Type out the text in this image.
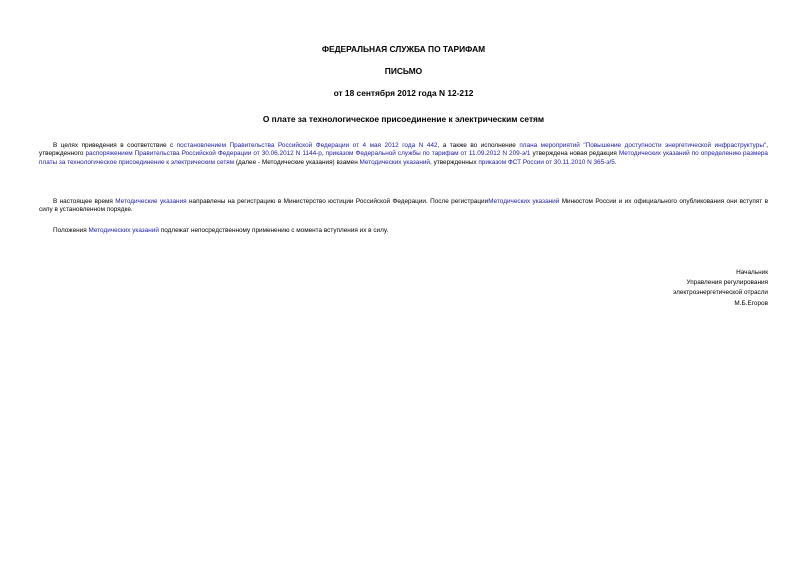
ФЕДЕРАЛЬНАЯ СЛУЖБА ПО ТАРИФАМ
ПИСЬМО
от 18 сентября 2012 года N 12-212
О плате за технологическое присоединение к электрическим сетям

В целях приведения в соответствие с постановлением Правительства Российской Федерации от 4 мая 2012 года N 442, а также во исполнение плана мероприятий "Повышение доступности энергетической инфраструктуры", утвержденного распоряжением Правительства Российской Федерации от 30.06.2012 N 1144-р, приказом Федеральной службы по тарифам от 11.09.2012 N 209-э/1 утверждена новая редакция Методических указаний по определению размера платы за технологическое присоединение к электрическим сетям (далее - Методические указания) взамен Методических указаний, утвержденных приказом ФСТ России от 30.11.2010 N 365-э/5.

В настоящее время Методические указания направлены на регистрацию в Министерство юстиции Российской Федерации. После регистрацииМетодических указаний Минюстом России и их официального опубликования они вступят в силу в установленном порядке.

Положения Методических указаний подлежат непосредственному применению с момента вступления их в силу.

Начальник
Управления регулирования
электроэнергетической отрасли
М.Б.Егоров
